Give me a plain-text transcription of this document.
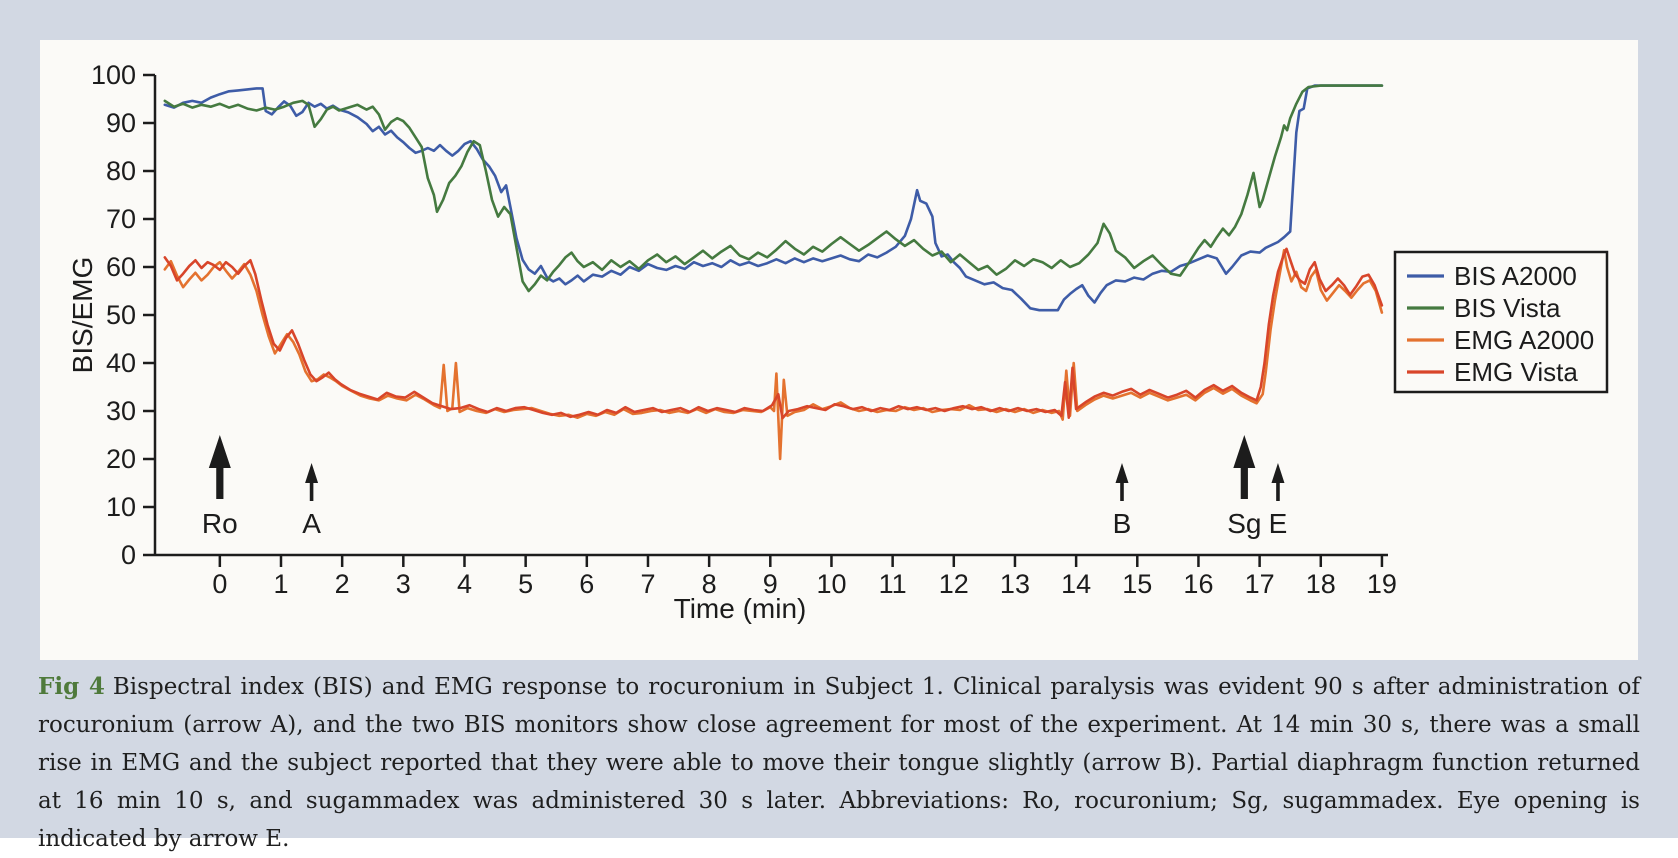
0
10
20
30
40
50
60
70
80
90
100
0 1 2 3 4 5 6 7 8 9 10 11 12 13 14 15 16 17 18 19
Time (min)
BIS/EMG
Ro A	B	Sg E
BIS A2000
BIS Vista
EMG A2000
EMG Vista

Fig 4 Bispectral index (BIS) and EMG response to rocuronium in Subject 1. Clinical paralysis was evident 90 s after administration of rocuronium (arrow A), and the two BIS monitors show close agreement for most of the experiment. At 14 min 30 s, there was a small rise in EMG and the subject reported that they were able to move their tongue slightly (arrow B). Partial diaphragm function returned at 16 min 10 s, and sugammadex was administered 30 s later. Abbreviations: Ro, rocuronium; Sg, sugammadex. Eye opening is indicated by arrow E.
